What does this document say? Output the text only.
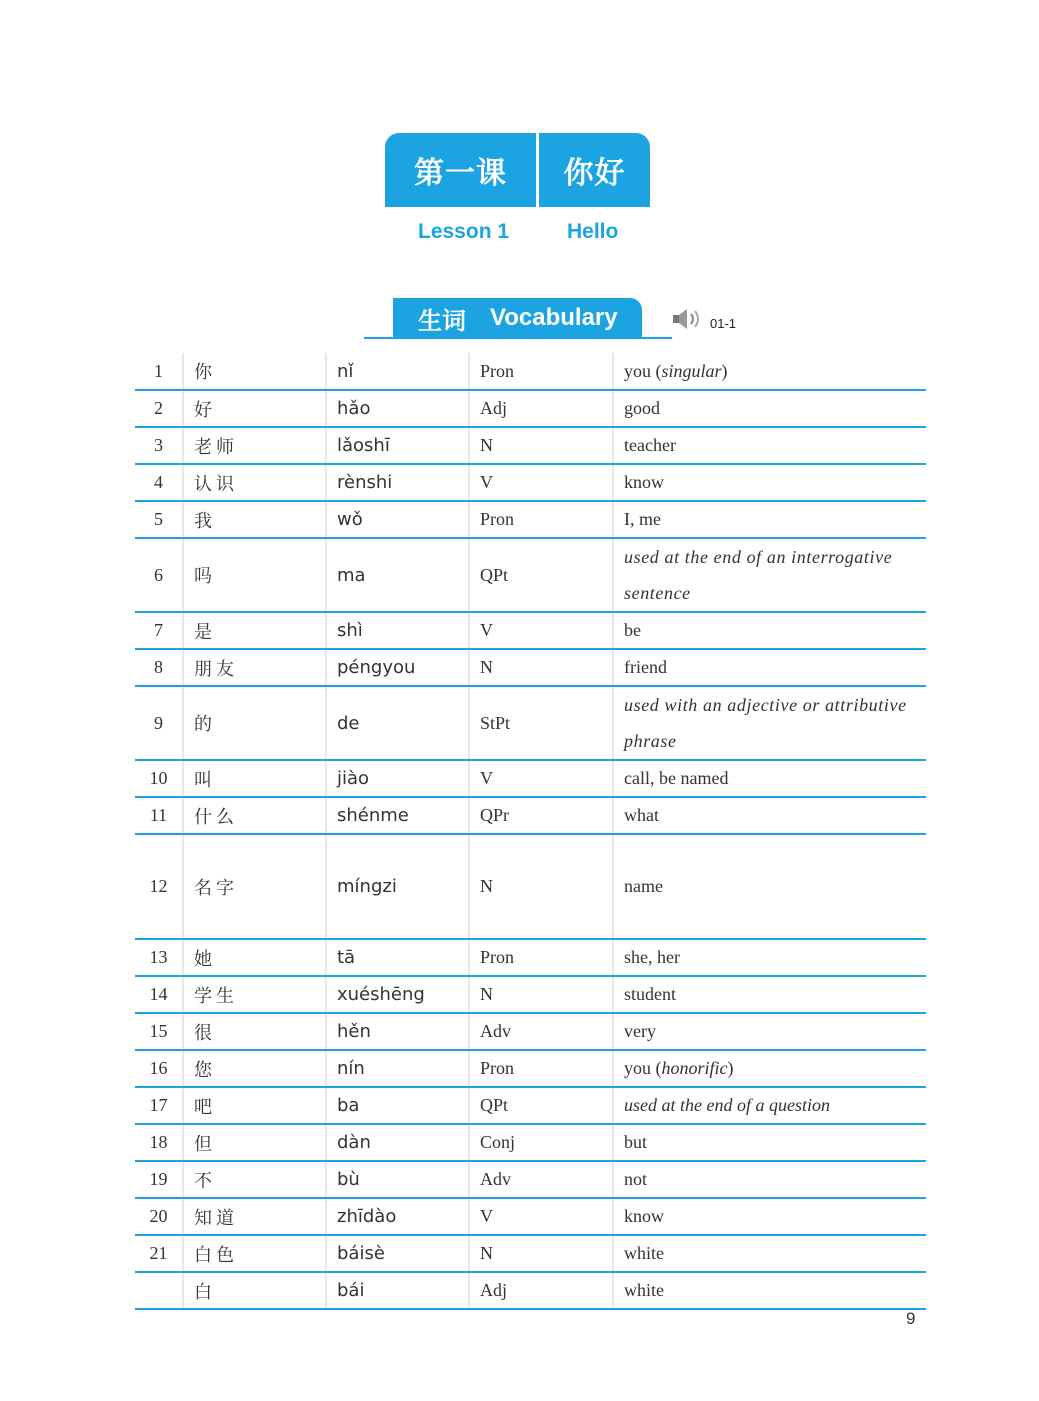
第一课	你好
Lesson 1	Hello
生词 Vocabulary	01-1
1	你	nǐ	Pron	you (singular)
2	好	hǎo	Adj	good
3	老师	lǎoshī	N	teacher
4	认识	rènshi	V	know
5	我	wǒ	Pron	I, me
6	吗	ma	QPt	used at the end of an interrogative sentence
7	是	shì	V	be
8	朋友	péngyou	N	friend
9	的	de	StPt	used with an adjective or attributive phrase
10	叫	jiào	V	call, be named
11	什么	shénme	QPr	what
12	名字	míngzi	N	name
13	她	tā	Pron	she, her
14	学生	xuéshēng	N	student
15	很	hěn	Adv	very
16	您	nín	Pron	you (honorific)
17	吧	ba	QPt	used at the end of a question
18	但	dàn	Conj	but
19	不	bù	Adv	not
20	知道	zhīdào	V	know
21	白色	báisè	N	white
	白	bái	Adj	white
9
